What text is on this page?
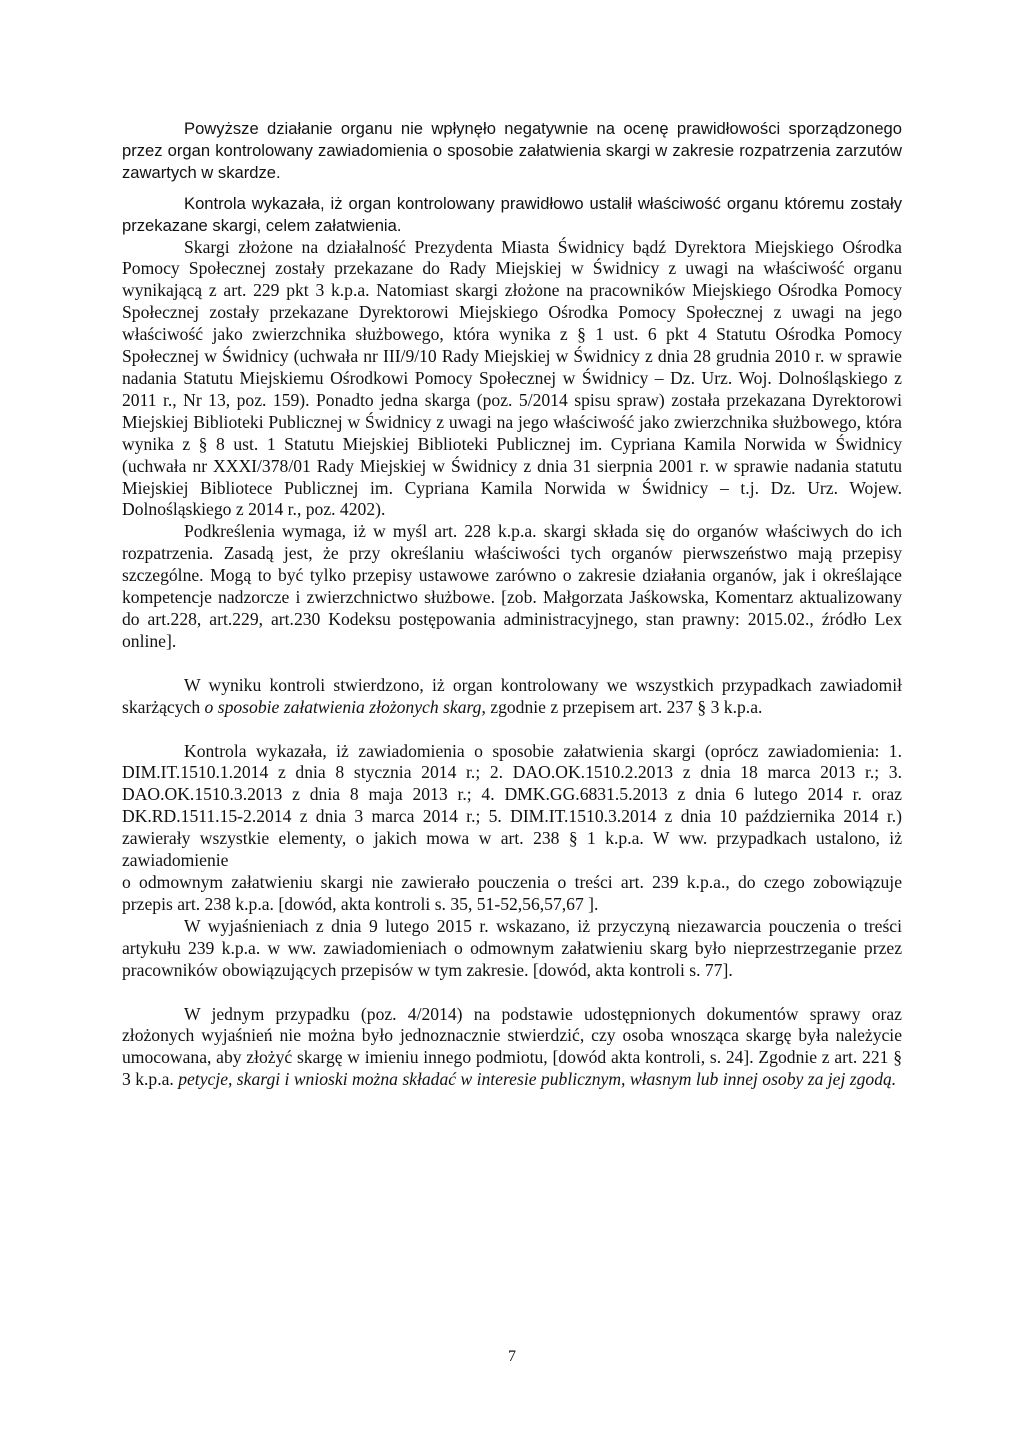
Powyższe działanie organu nie wpłynęło negatywnie na ocenę prawidłowości sporządzonego przez organ kontrolowany zawiadomienia o sposobie załatwienia skargi w zakresie rozpatrzenia zarzutów zawartych w skardze.

Kontrola wykazała, iż organ kontrolowany prawidłowo ustalił właściwość organu któremu zostały przekazane skargi, celem załatwienia.

Skargi złożone na działalność Prezydenta Miasta Świdnicy bądź Dyrektora Miejskiego Ośrodka Pomocy Społecznej zostały przekazane do Rady Miejskiej w Świdnicy z uwagi na właściwość organu wynikającą z art. 229 pkt 3 k.p.a. Natomiast skargi złożone na pracowników Miejskiego Ośrodka Pomocy Społecznej zostały przekazane Dyrektorowi Miejskiego Ośrodka Pomocy Społecznej z uwagi na jego właściwość jako zwierzchnika służbowego, która wynika z § 1 ust. 6 pkt 4 Statutu Ośrodka Pomocy Społecznej w Świdnicy (uchwała nr III/9/10 Rady Miejskiej w Świdnicy z dnia 28 grudnia 2010 r. w sprawie nadania Statutu Miejskiemu Ośrodkowi Pomocy Społecznej w Świdnicy – Dz. Urz. Woj. Dolnośląskiego z 2011 r., Nr 13, poz. 159). Ponadto jedna skarga (poz. 5/2014 spisu spraw) została przekazana Dyrektorowi Miejskiej Biblioteki Publicznej w Świdnicy z uwagi na jego właściwość jako zwierzchnika służbowego, która wynika z § 8 ust. 1 Statutu Miejskiej Biblioteki Publicznej im. Cypriana Kamila Norwida w Świdnicy (uchwała nr XXXI/378/01 Rady Miejskiej w Świdnicy z dnia 31 sierpnia 2001 r. w sprawie nadania statutu Miejskiej Bibliotece Publicznej im. Cypriana Kamila Norwida w Świdnicy – t.j. Dz. Urz. Wojew. Dolnośląskiego z 2014 r., poz. 4202).

Podkreślenia wymaga, iż w myśl art. 228 k.p.a. skargi składa się do organów właściwych do ich rozpatrzenia. Zasadą jest, że przy określaniu właściwości tych organów pierwszeństwo mają przepisy szczególne. Mogą to być tylko przepisy ustawowe zarówno o zakresie działania organów, jak i określające kompetencje nadzorcze i zwierzchnictwo służbowe. [zob. Małgorzata Jaśkowska, Komentarz aktualizowany do art.228, art.229, art.230 Kodeksu postępowania administracyjnego, stan prawny: 2015.02., źródło Lex online].

W wyniku kontroli stwierdzono, iż organ kontrolowany we wszystkich przypadkach zawiadomił skarżących o sposobie załatwienia złożonych skarg, zgodnie z przepisem art. 237 § 3 k.p.a.

Kontrola wykazała, iż zawiadomienia o sposobie załatwienia skargi (oprócz zawiadomienia: 1. DIM.IT.1510.1.2014 z dnia 8 stycznia 2014 r.; 2. DAO.OK.1510.2.2013 z dnia 18 marca 2013 r.; 3. DAO.OK.1510.3.2013 z dnia 8 maja 2013 r.; 4. DMK.GG.6831.5.2013 z dnia 6 lutego 2014 r. oraz DK.RD.1511.15-2.2014 z dnia 3 marca 2014 r.; 5. DIM.IT.1510.3.2014 z dnia 10 października 2014 r.) zawierały wszystkie elementy, o jakich mowa w art. 238 § 1 k.p.a. W ww. przypadkach ustalono, iż zawiadomienie

o odmownym załatwieniu skargi nie zawierało pouczenia o treści art. 239 k.p.a., do czego zobowiązuje przepis art. 238 k.p.a. [dowód, akta kontroli s. 35, 51-52,56,57,67 ].

W wyjaśnieniach z dnia 9 lutego 2015 r. wskazano, iż przyczyną niezawarcia pouczenia o treści artykułu 239 k.p.a. w ww. zawiadomieniach o odmownym załatwieniu skarg było nieprzestrzeganie przez pracowników obowiązujących przepisów w tym zakresie. [dowód, akta kontroli s. 77].

W jednym przypadku (poz. 4/2014) na podstawie udostępnionych dokumentów sprawy oraz złożonych wyjaśnień nie można było jednoznacznie stwierdzić, czy osoba wnosząca skargę była należycie umocowana, aby złożyć skargę w imieniu innego podmiotu, [dowód akta kontroli, s. 24]. Zgodnie z art. 221 § 3 k.p.a. petycje, skargi i wnioski można składać w interesie publicznym, własnym lub innej osoby za jej zgodą.

7
